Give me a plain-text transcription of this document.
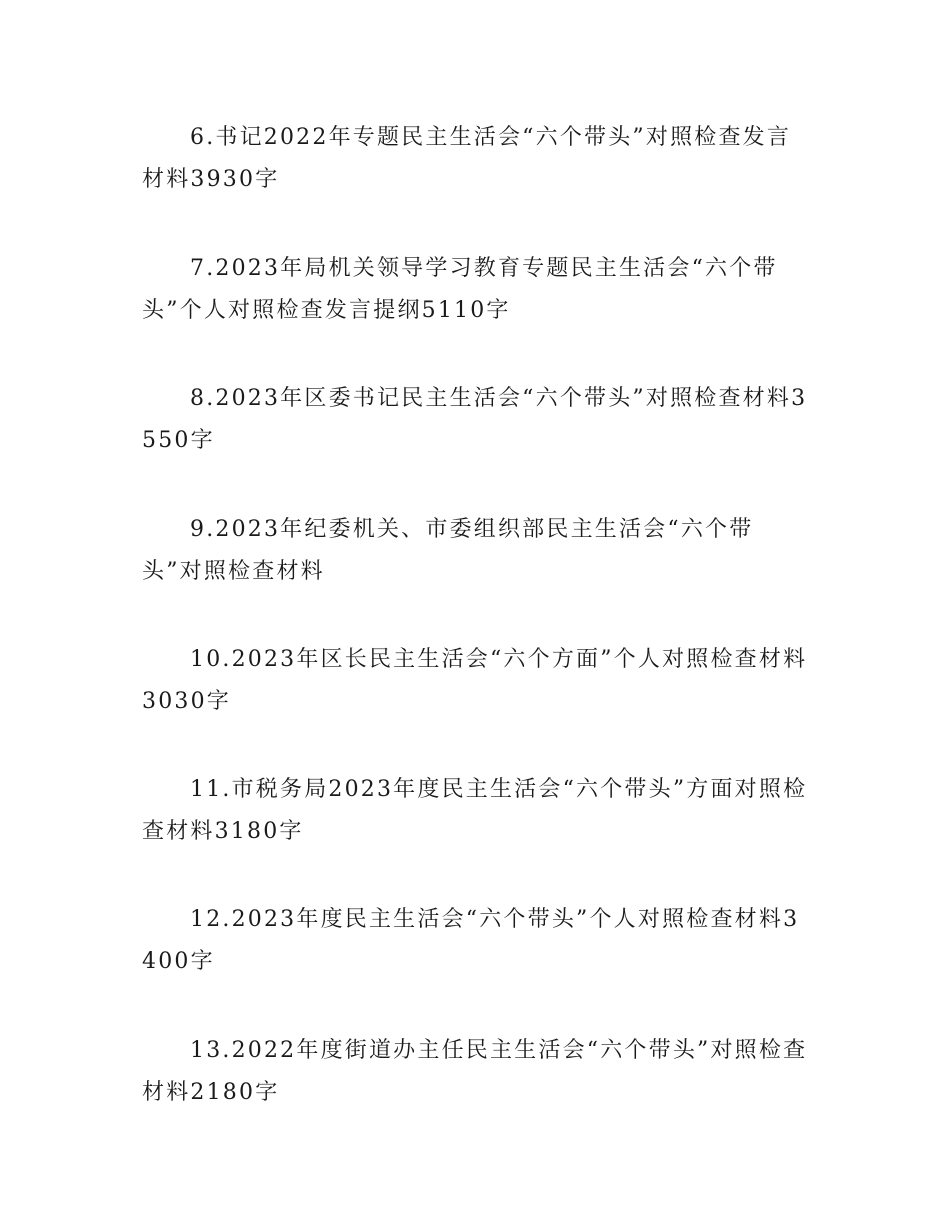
6.书记2022年专题民主生活会“六个带头”对照检查发言材料3930字

7.2023年局机关领导学习教育专题民主生活会“六个带头”个人对照检查发言提纲5110字

8.2023年区委书记民主生活会“六个带头”对照检查材料3550字

9.2023年纪委机关、市委组织部民主生活会“六个带头”对照检查材料

10.2023年区长民主生活会“六个方面”个人对照检查材料3030字

11.市税务局2023年度民主生活会“六个带头”方面对照检查材料3180字

12.2023年度民主生活会“六个带头”个人对照检查材料3400字

13.2022年度街道办主任民主生活会“六个带头”对照检查材料2180字
